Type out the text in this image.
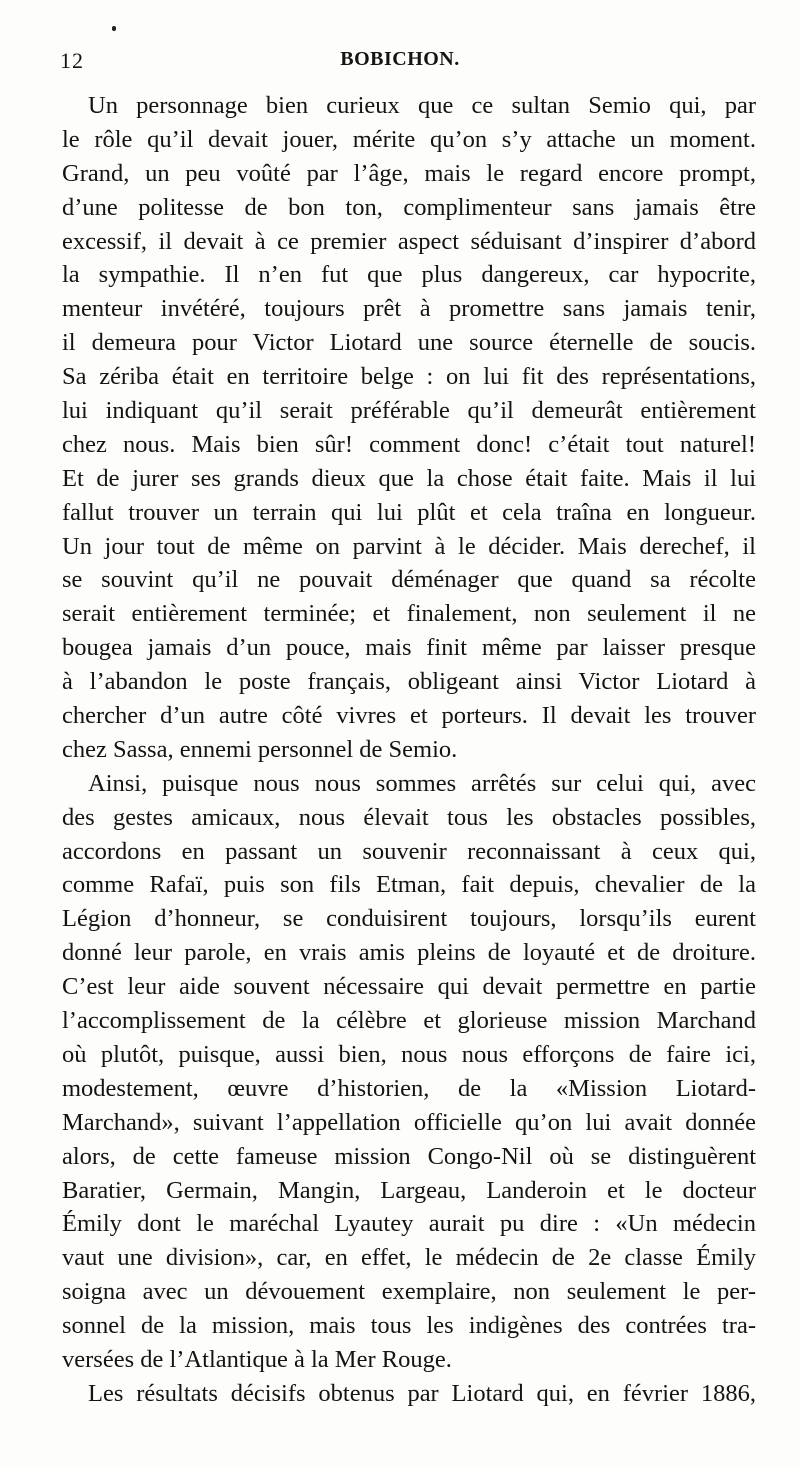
12	BOBICHON.
Un personnage bien curieux que ce sultan Semio qui, par
le rôle qu’il devait jouer, mérite qu’on s’y attache un moment.
Grand, un peu voûté par l’âge, mais le regard encore prompt,
d’une politesse de bon ton, complimenteur sans jamais être
excessif, il devait à ce premier aspect séduisant d’inspirer d’abord
la sympathie. Il n’en fut que plus dangereux, car hypocrite,
menteur invétéré, toujours prêt à promettre sans jamais tenir,
il demeura pour Victor Liotard une source éternelle de soucis.
Sa zériba était en territoire belge : on lui fit des représentations,
lui indiquant qu’il serait préférable qu’il demeurât entièrement
chez nous. Mais bien sûr! comment donc! c’était tout naturel!
Et de jurer ses grands dieux que la chose était faite. Mais il lui
fallut trouver un terrain qui lui plût et cela traîna en longueur.
Un jour tout de même on parvint à le décider. Mais derechef, il
se souvint qu’il ne pouvait déménager que quand sa récolte
serait entièrement terminée; et finalement, non seulement il ne
bougea jamais d’un pouce, mais finit même par laisser presque
à l’abandon le poste français, obligeant ainsi Victor Liotard à
chercher d’un autre côté vivres et porteurs. Il devait les trouver
chez Sassa, ennemi personnel de Semio.
Ainsi, puisque nous nous sommes arrêtés sur celui qui, avec
des gestes amicaux, nous élevait tous les obstacles possibles,
accordons en passant un souvenir reconnaissant à ceux qui,
comme Rafaï, puis son fils Etman, fait depuis, chevalier de la
Légion d’honneur, se conduisirent toujours, lorsqu’ils eurent
donné leur parole, en vrais amis pleins de loyauté et de droiture.
C’est leur aide souvent nécessaire qui devait permettre en partie
l’accomplissement de la célèbre et glorieuse mission Marchand
où plutôt, puisque, aussi bien, nous nous efforçons de faire ici,
modestement, œuvre d’historien, de la «Mission Liotard-
Marchand», suivant l’appellation officielle qu’on lui avait donnée
alors, de cette fameuse mission Congo-Nil où se distinguèrent
Baratier, Germain, Mangin, Largeau, Landeroin et le docteur
Émily dont le maréchal Lyautey aurait pu dire : «Un médecin
vaut une division», car, en effet, le médecin de 2e classe Émily
soigna avec un dévouement exemplaire, non seulement le per-
sonnel de la mission, mais tous les indigènes des contrées tra-
versées de l’Atlantique à la Mer Rouge.
Les résultats décisifs obtenus par Liotard qui, en février 1886,
